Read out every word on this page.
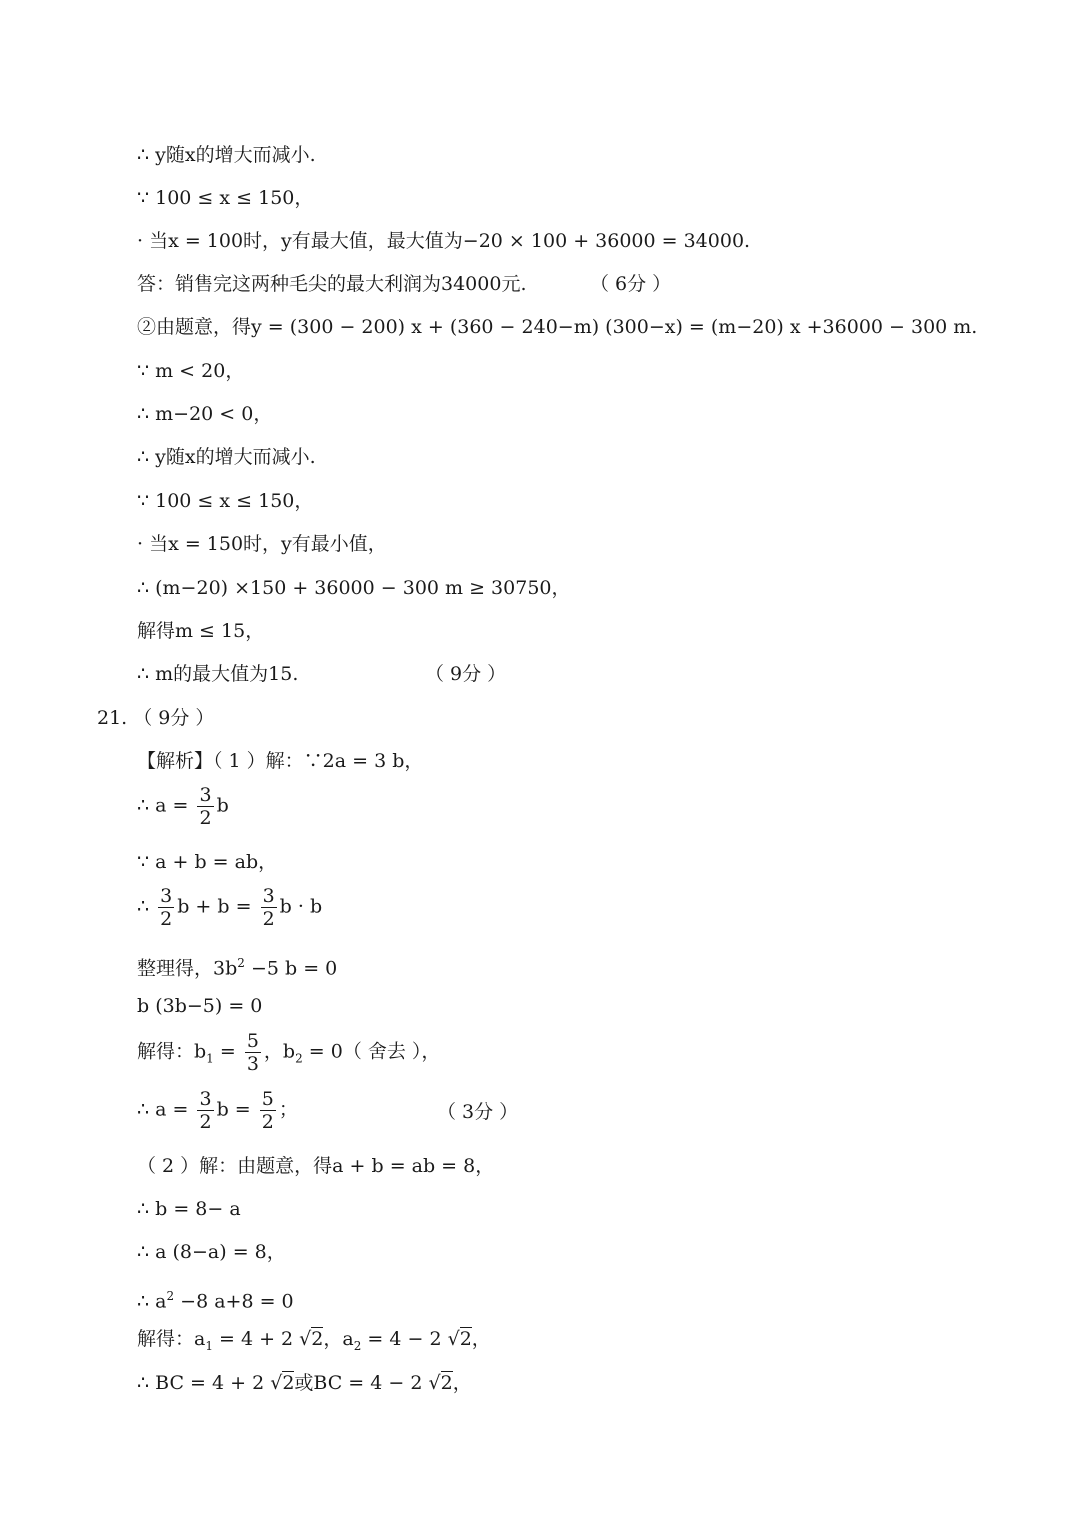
∴ y随x的增大而减小.
∵ 100 ≤ x ≤ 150，
· 当x = 100时，y有最大值，最大值为−20 × 100 + 36000 = 34000.
答：销售完这两种毛尖的最大利润为34000元.	（ 6分 ）
②由题意，得y = (300 − 200) x + (360 − 240−m) (300−x) = (m−20) x +36000 − 300 m.
∵ m < 20，
∴ m−20 < 0，
∴ y随x的增大而减小.
∵ 100 ≤ x ≤ 150，
· 当x = 150时，y有最小值，
∴ (m−20) ×150 + 36000 − 300 m ≥ 30750，
解得m ≤ 15，
∴ m的最大值为15.	（ 9分 ）
21. （ 9分 ）
【解析】（ 1 ）解：∵2a = 3 b，
∴ $a = \frac{3}{2}$ b
∵ a + b = ab，
∴ $\frac{3}{2}$ $b + b = \frac{3}{2}$ b · b
整理得，$3b^2 -5$ b = 0
b (3b−5) = 0
解得：$b_1 = \frac{5}{3}$ ，$b_2 = 0$（ 舍去 ），
∴ $a = \frac{3}{2}$ $b = \frac{5}{2}$ ；	（ 3分 ）
（ 2 ）解：由题意，得a + b = ab = 8，
∴ b = 8− a
∴ a (8−a) = 8，
∴ $a^2 -8$ a+8 = 0
解得：$a_1 = 4 + 2$ √2，$a_2 = 4 - 2$ √2，
∴ BC = 4 + 2 √2或BC = 4 − 2 √2，
